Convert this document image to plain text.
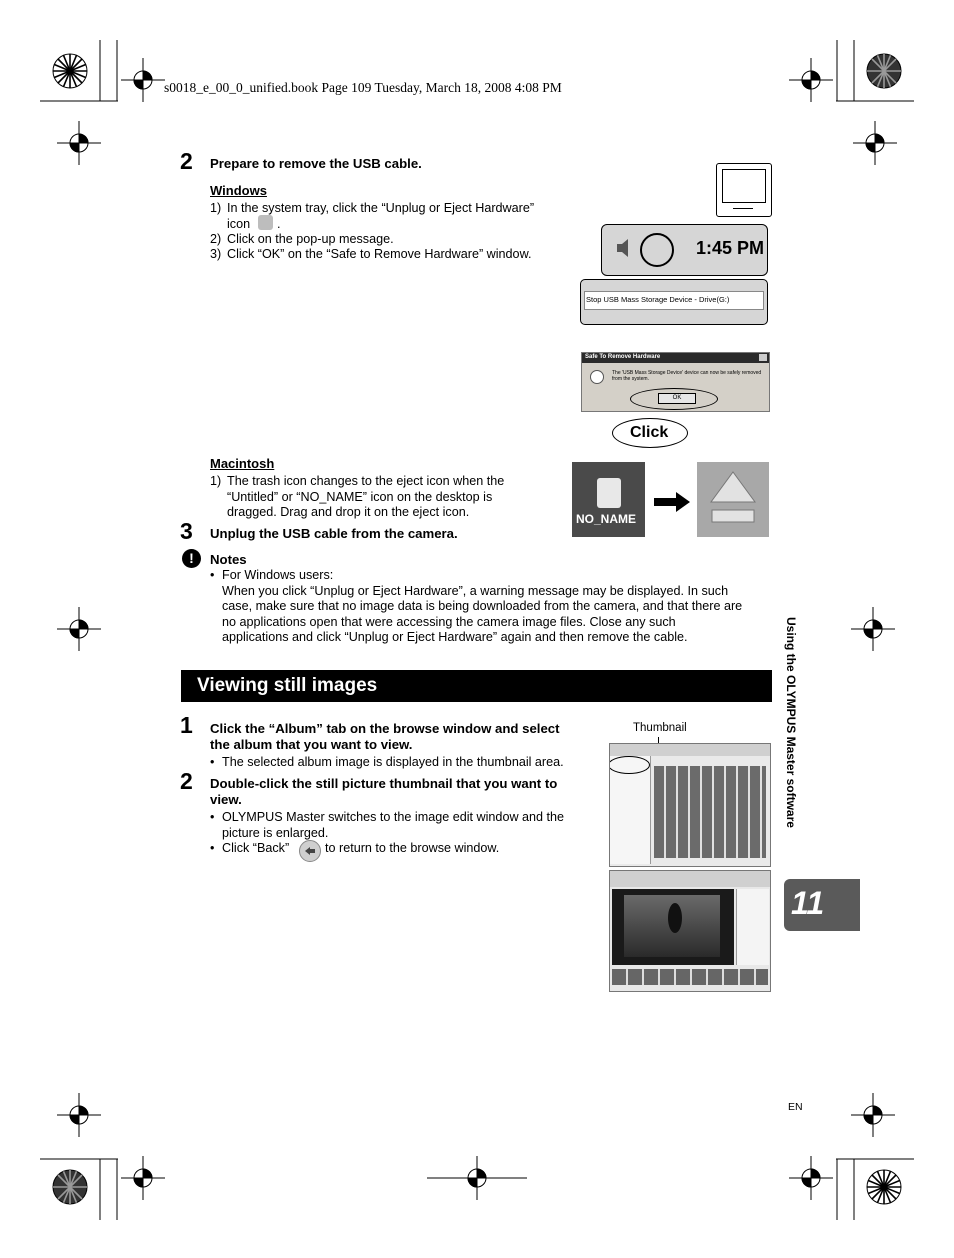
s0018_e_00_0_unified.book Page 109 Tuesday, March 18, 2008 4:08 PM
2 Prepare to remove the USB cable.
Windows
1) In the system tray, click the “Unplug or Eject Hardware”
icon .
2) Click on the pop-up message.
3) Click “OK” on the “Safe to Remove Hardware” window.	1:45 PM
Stop USB Mass Storage Device - Drive(G:)
Safe To Remove Hardware
The 'USB Mass Storage Device' device can now be safely removed
from the system.
OK
Click
Macintosh
1) The trash icon changes to the eject icon when the
“Untitled” or “NO_NAME” icon on the desktop is
dragged. Drag and drop it on the eject icon.	NO_NAME
3 Unplug the USB cable from the camera.
!	Notes
• For Windows users:
When you click “Unplug or Eject Hardware”, a warning message may be displayed. In such
case, make sure that no image data is being downloaded from the camera, and that there are
no applications open that were accessing the camera image files. Close any such
applications and click “Unplug or Eject Hardware” again and then remove the cable.
Viewing still images
1 Click the “Album” tab on the browse window and select
the album that you want to view.
• The selected album image is displayed in the thumbnail area.
2 Double-click the still picture thumbnail that you want to
view.
• OLYMPUS Master switches to the image edit window and the
picture is enlarged.
• Click “Back”	to return to the browse window.
Thumbnail	Using the OLYMPUS Master software
11
EN
